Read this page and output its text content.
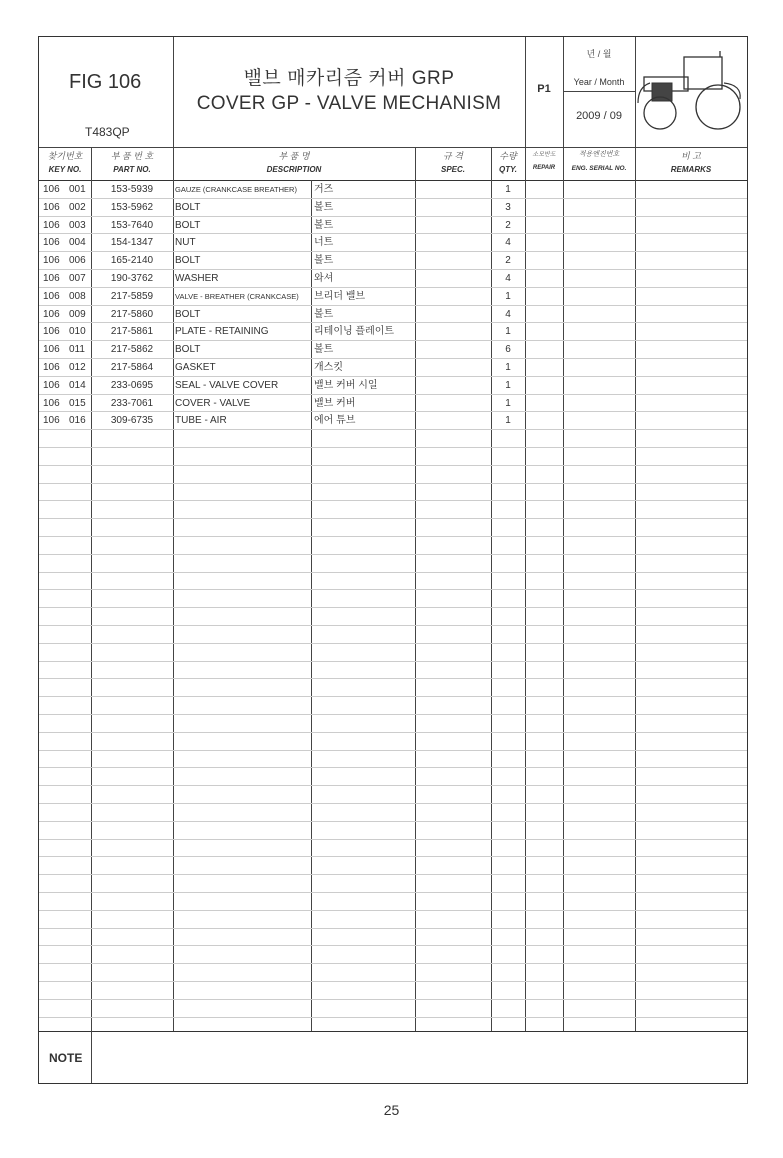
FIG 106
T483QP
밸브 매카리즘 커버 GRP
COVER GP - VALVE MECHANISM
P1
년 / 월
Year / Month
2009 / 09
찾기번호
KEY NO.
부 품 번 호
PART NO.
부 품 명
DESCRIPTION
규 격
SPEC.
수량
QTY.
소모반도
REPAIR
적용엔진번호
ENG. SERIAL NO.
비 고
REMARKS
106 001	153-5939	GAUZE (CRANKCASE BREATHER)	거즈	1
106 002	153-5962	BOLT	볼트	3
106 003	153-7640	BOLT	볼트	2
106 004	154-1347	NUT	너트	4
106 006	165-2140	BOLT	볼트	2
106 007	190-3762	WASHER	와셔	4
106 008	217-5859	VALVE - BREATHER (CRANKCASE)	브리더 밸브	1
106 009	217-5860	BOLT	볼트	4
106 010	217-5861	PLATE - RETAINING	리테이닝 플레이트	1
106 011	217-5862	BOLT	볼트	6
106 012	217-5864	GASKET	개스킷	1
106 014	233-0695	SEAL - VALVE COVER	밸브 커버 시일	1
106 015	233-7061	COVER - VALVE	밸브 커버	1
106 016	309-6735	TUBE - AIR	에어 튜브	1
NOTE
25
